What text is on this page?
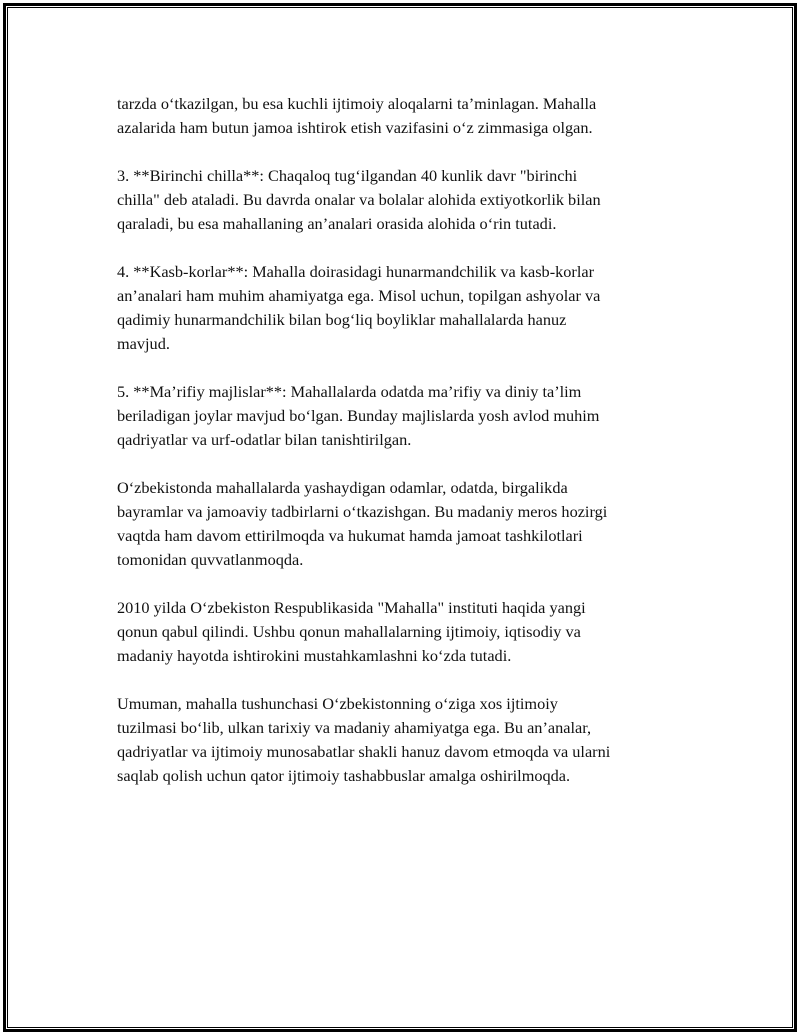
tarzda oʻtkazilgan, bu esa kuchli ijtimoiy aloqalarni taʼminlagan. Mahalla
azalarida ham butun jamoa ishtirok etish vazifasini oʻz zimmasiga olgan.

3. **Birinchi chilla**: Chaqaloq tugʻilgandan 40 kunlik davr "birinchi
chilla" deb ataladi. Bu davrda onalar va bolalar alohida extiyotkorlik bilan
qaraladi, bu esa mahallaning anʼanalari orasida alohida oʻrin tutadi.

4. **Kasb-korlar**: Mahalla doirasidagi hunarmandchilik va kasb-korlar
anʼanalari ham muhim ahamiyatga ega. Misol uchun, topilgan ashyolar va
qadimiy hunarmandchilik bilan bogʻliq boyliklar mahallalarda hanuz
mavjud.

5. **Maʼrifiy majlislar**: Mahallalarda odatda maʼrifiy va diniy taʼlim
beriladigan joylar mavjud boʻlgan. Bunday majlislarda yosh avlod muhim
qadriyatlar va urf-odatlar bilan tanishtirilgan.

Oʻzbekistonda mahallalarda yashaydigan odamlar, odatda, birgalikda
bayramlar va jamoaviy tadbirlarni oʻtkazishgan. Bu madaniy meros hozirgi
vaqtda ham davom ettirilmoqda va hukumat hamda jamoat tashkilotlari
tomonidan quvvatlanmoqda.

2010 yilda Oʻzbekiston Respublikasida "Mahalla" instituti haqida yangi
qonun qabul qilindi. Ushbu qonun mahallalarning ijtimoiy, iqtisodiy va
madaniy hayotda ishtirokini mustahkamlashni koʻzda tutadi.

Umuman, mahalla tushunchasi Oʻzbekistonning oʻziga xos ijtimoiy
tuzilmasi boʻlib, ulkan tarixiy va madaniy ahamiyatga ega. Bu anʼanalar,
qadriyatlar va ijtimoiy munosabatlar shakli hanuz davom etmoqda va ularni
saqlab qolish uchun qator ijtimoiy tashabbuslar amalga oshirilmoqda.
